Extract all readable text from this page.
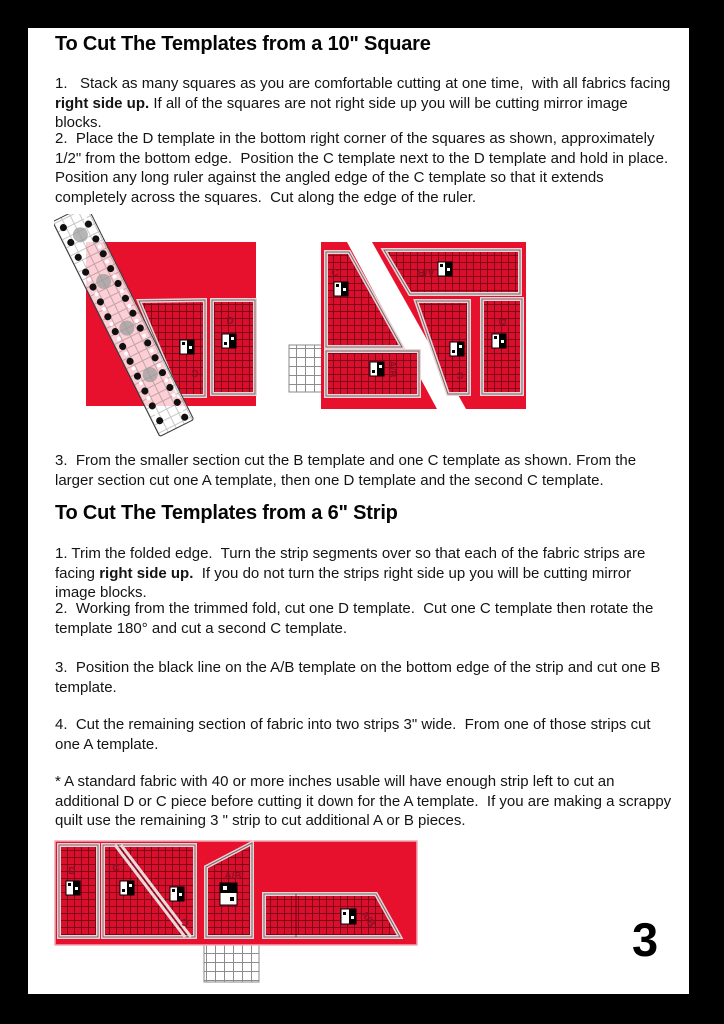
To Cut The Templates from a 10" Square

1.   Stack as many squares as you are comfortable cutting at one time,  with all fabrics facing right side up. If all of the squares are not right side up you will be cutting mirror image blocks.

2.  Place the D template in the bottom right corner of the squares as shown, approximately 1/2" from the bottom edge.  Position the C template next to the D template and hold in place.  Position any long ruler against the angled edge of the C template so that it extends completely across the squares.  Cut along the edge of the ruler.

D
C
C
A/B
A/B
C
D

3.  From the smaller section cut the B template and one C template as shown. From the larger section cut one A template, then one D template and the second C template.

To Cut The Templates from a 6" Strip

1. Trim the folded edge.  Turn the strip segments over so that each of the fabric strips are facing right side up.  If you do not turn the strips right side up you will be cutting mirror image blocks.

2.  Working from the trimmed fold, cut one D template.  Cut one C template then rotate the template 180° and cut a second C template.

3.  Position the black line on the A/B template on the bottom edge of the strip and cut one B template.

4.  Cut the remaining section of fabric into two strips 3" wide.  From one of those strips cut one A template.

* A standard fabric with 40 or more inches usable will have enough strip left to cut an additional D or C piece before cutting it down for the A template.  If you are making a scrappy quilt use the remaining 3 " strip to cut additional A or B pieces.

D	C
C
A/B
A/B	3
